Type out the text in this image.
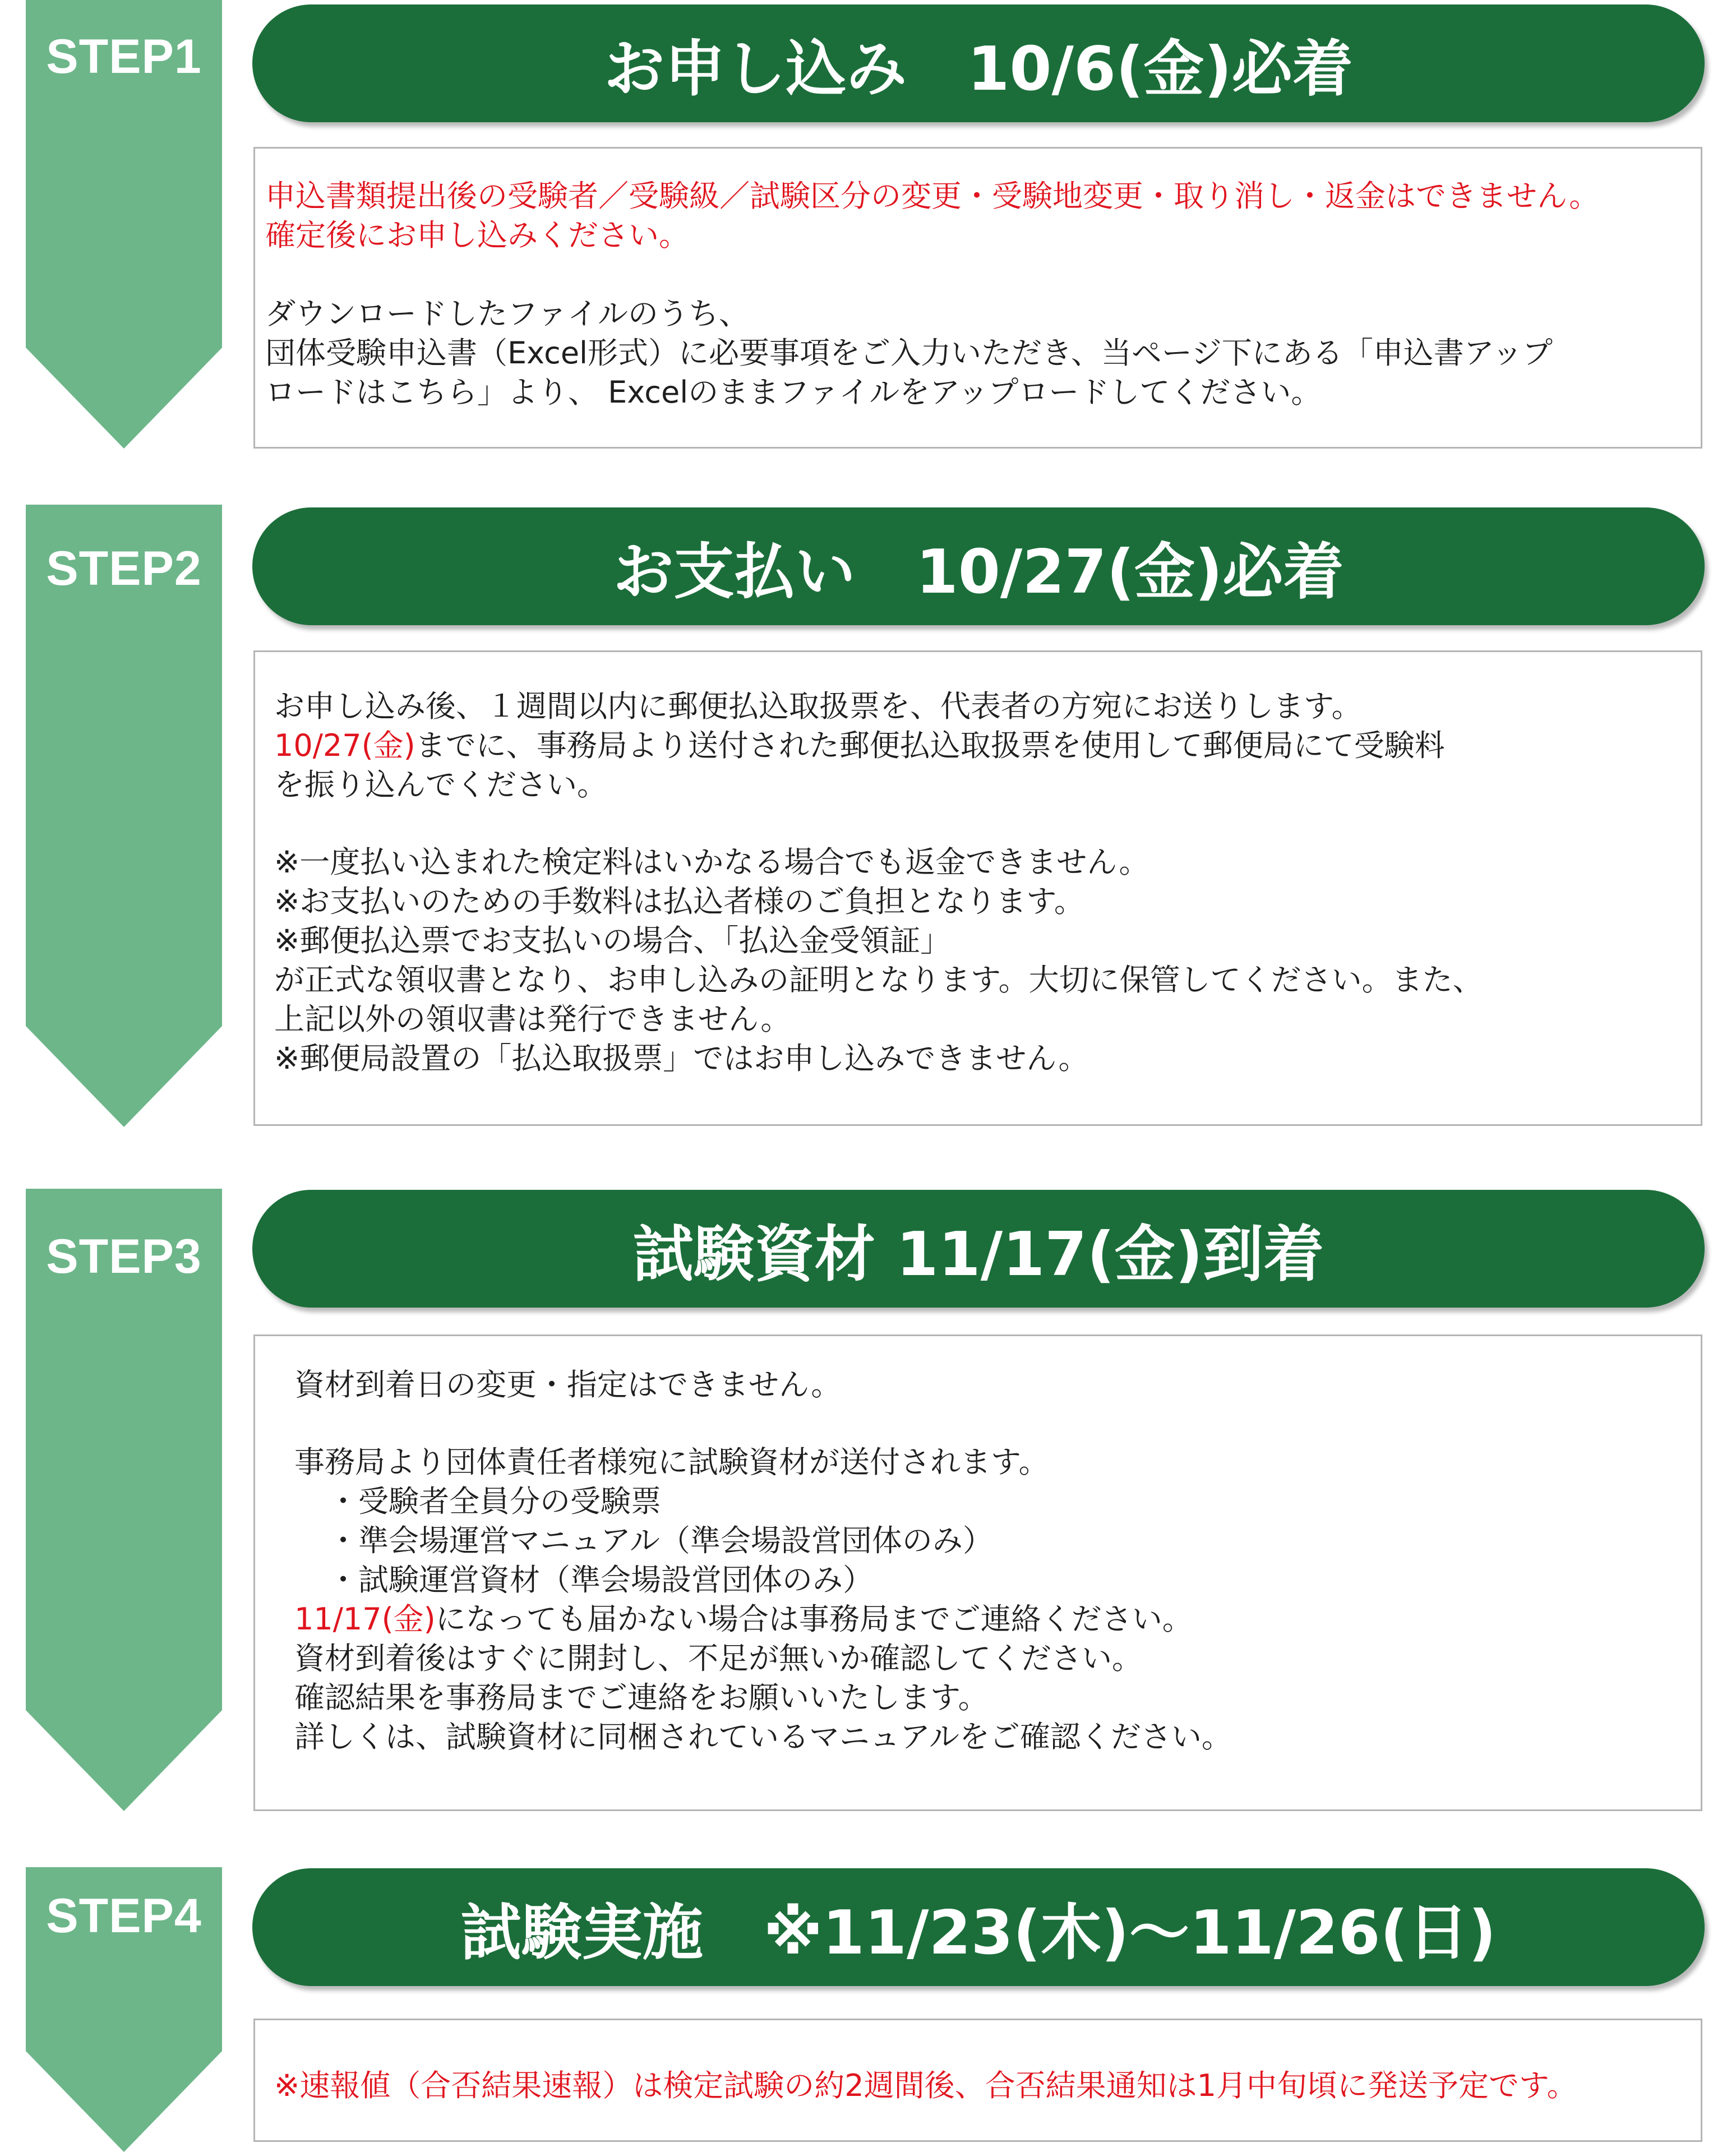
STEP1	お申し込み　10/6(金)必着
申込書類提出後の受験者／受験級／試験区分の変更・受験地変更・取り消し・返金はできません。
確定後にお申し込みください。
ダウンロードしたファイルのうち、
団体受験申込書（Excel形式）に必要事項をご入力いただき、当ページ下にある「申込書アップ
ロードはこちら」より、 Excelのままファイルをアップロードしてください。
STEP2	お支払い　10/27(金)必着
お申し込み後、１週間以内に郵便払込取扱票を、代表者の方宛にお送りします。
10/27(金)までに、事務局より送付された郵便払込取扱票を使用して郵便局にて受験料
を振り込んでください。
※一度払い込まれた検定料はいかなる場合でも返金できません。
※お支払いのための手数料は払込者様のご負担となります。
※郵便払込票でお支払いの場合、「払込金受領証」
が正式な領収書となり、お申し込みの証明となります。大切に保管してください。また、
上記以外の領収書は発行できません。
※郵便局設置の「払込取扱票」ではお申し込みできません。
STEP3	試験資材 11/17(金)到着
資材到着日の変更・指定はできません。
事務局より団体責任者様宛に試験資材が送付されます。
・受験者全員分の受験票
・準会場運営マニュアル（準会場設営団体のみ）
・試験運営資材（準会場設営団体のみ）
11/17(金)になっても届かない場合は事務局までご連絡ください。
資材到着後はすぐに開封し、不足が無いか確認してください。
確認結果を事務局までご連絡をお願いいたします。
詳しくは、試験資材に同梱されているマニュアルをご確認ください。
STEP4	試験実施　※11/23(木)～11/26(日)
※速報値（合否結果速報）は検定試験の約2週間後、合否結果通知は1月中旬頃に発送予定です。
